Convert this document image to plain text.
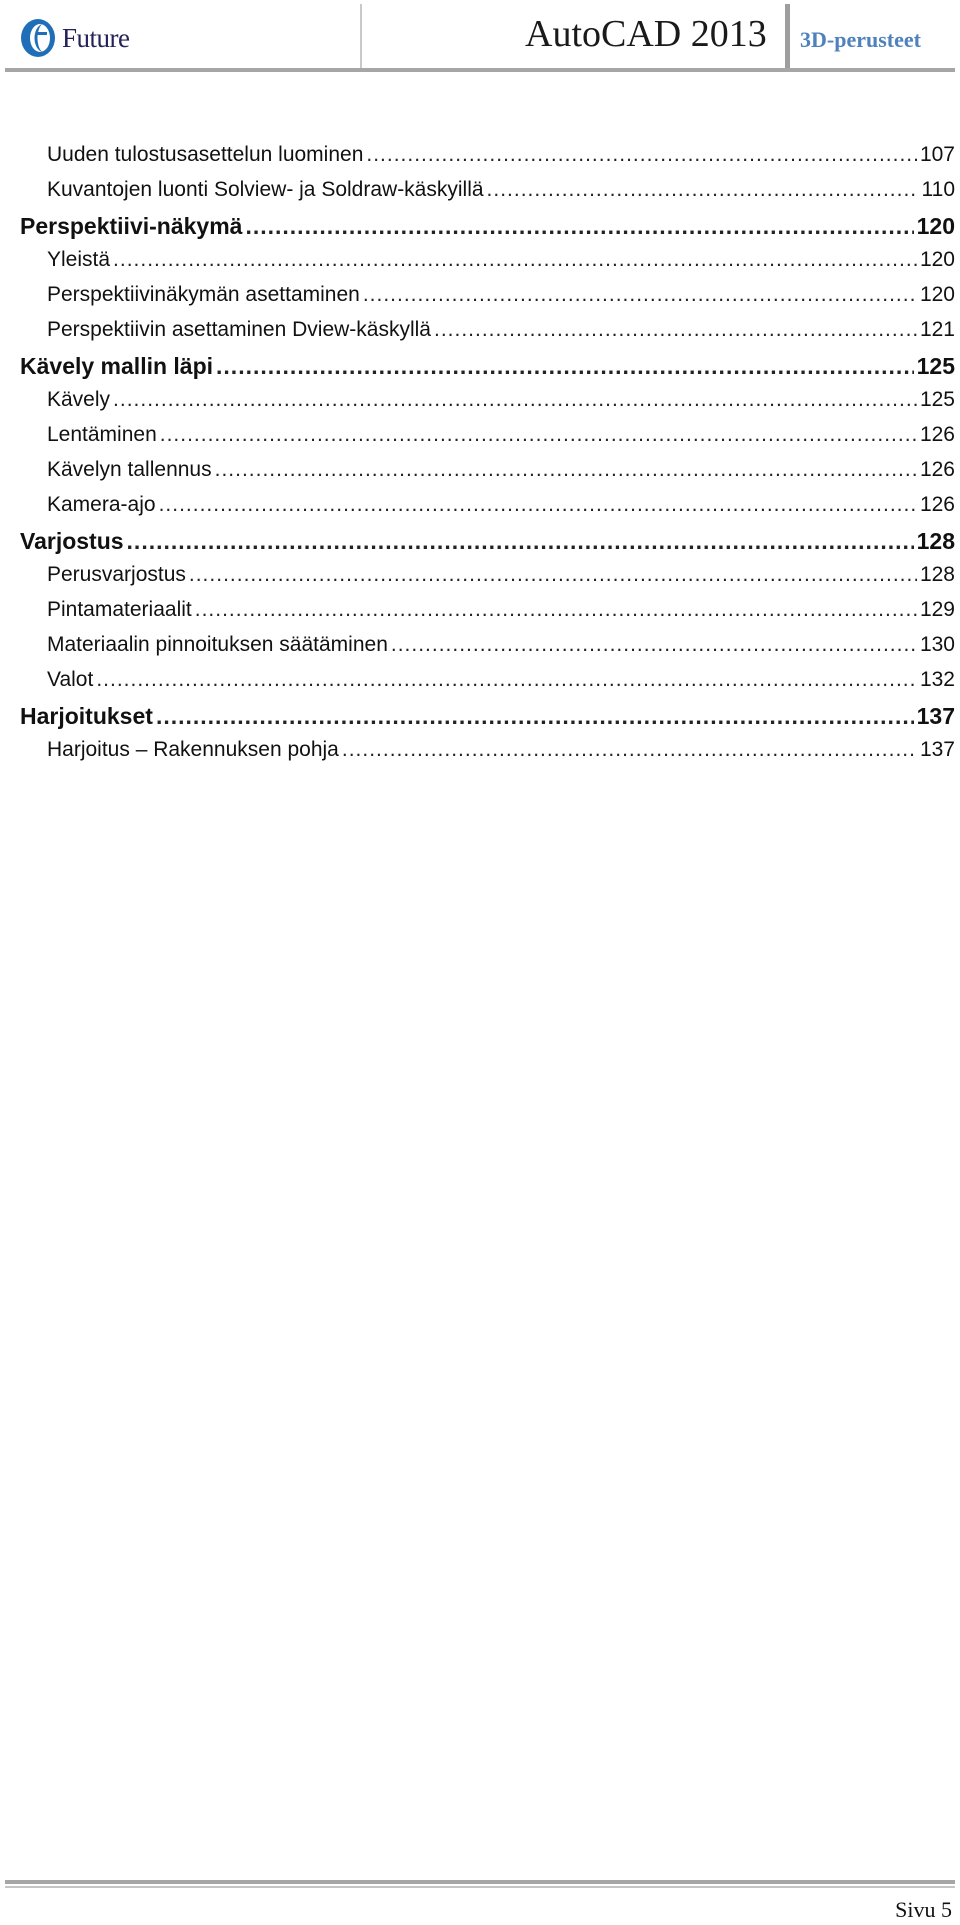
Future	AutoCAD 2013 3D-perusteet
Uuden tulostusasettelun luominen .....	107
Kuvantojen luonti Solview- ja Soldraw-käskyillä .....	110
Perspektiivi-näkymä .....	120
Yleistä .....	120
Perspektiivinäkymän asettaminen .....	120
Perspektiivin asettaminen Dview-käskyllä .....	121
Kävely mallin läpi .....	125
Kävely .....	125
Lentäminen .....	126
Kävelyn tallennus .....	126
Kamera-ajo .....	126
Varjostus .....	128
Perusvarjostus .....	128
Pintamateriaalit .....	129
Materiaalin pinnoituksen säätäminen .....	130
Valot .....	132
Harjoitukset .....	137
Harjoitus – Rakennuksen pohja .....	137
Sivu 5
